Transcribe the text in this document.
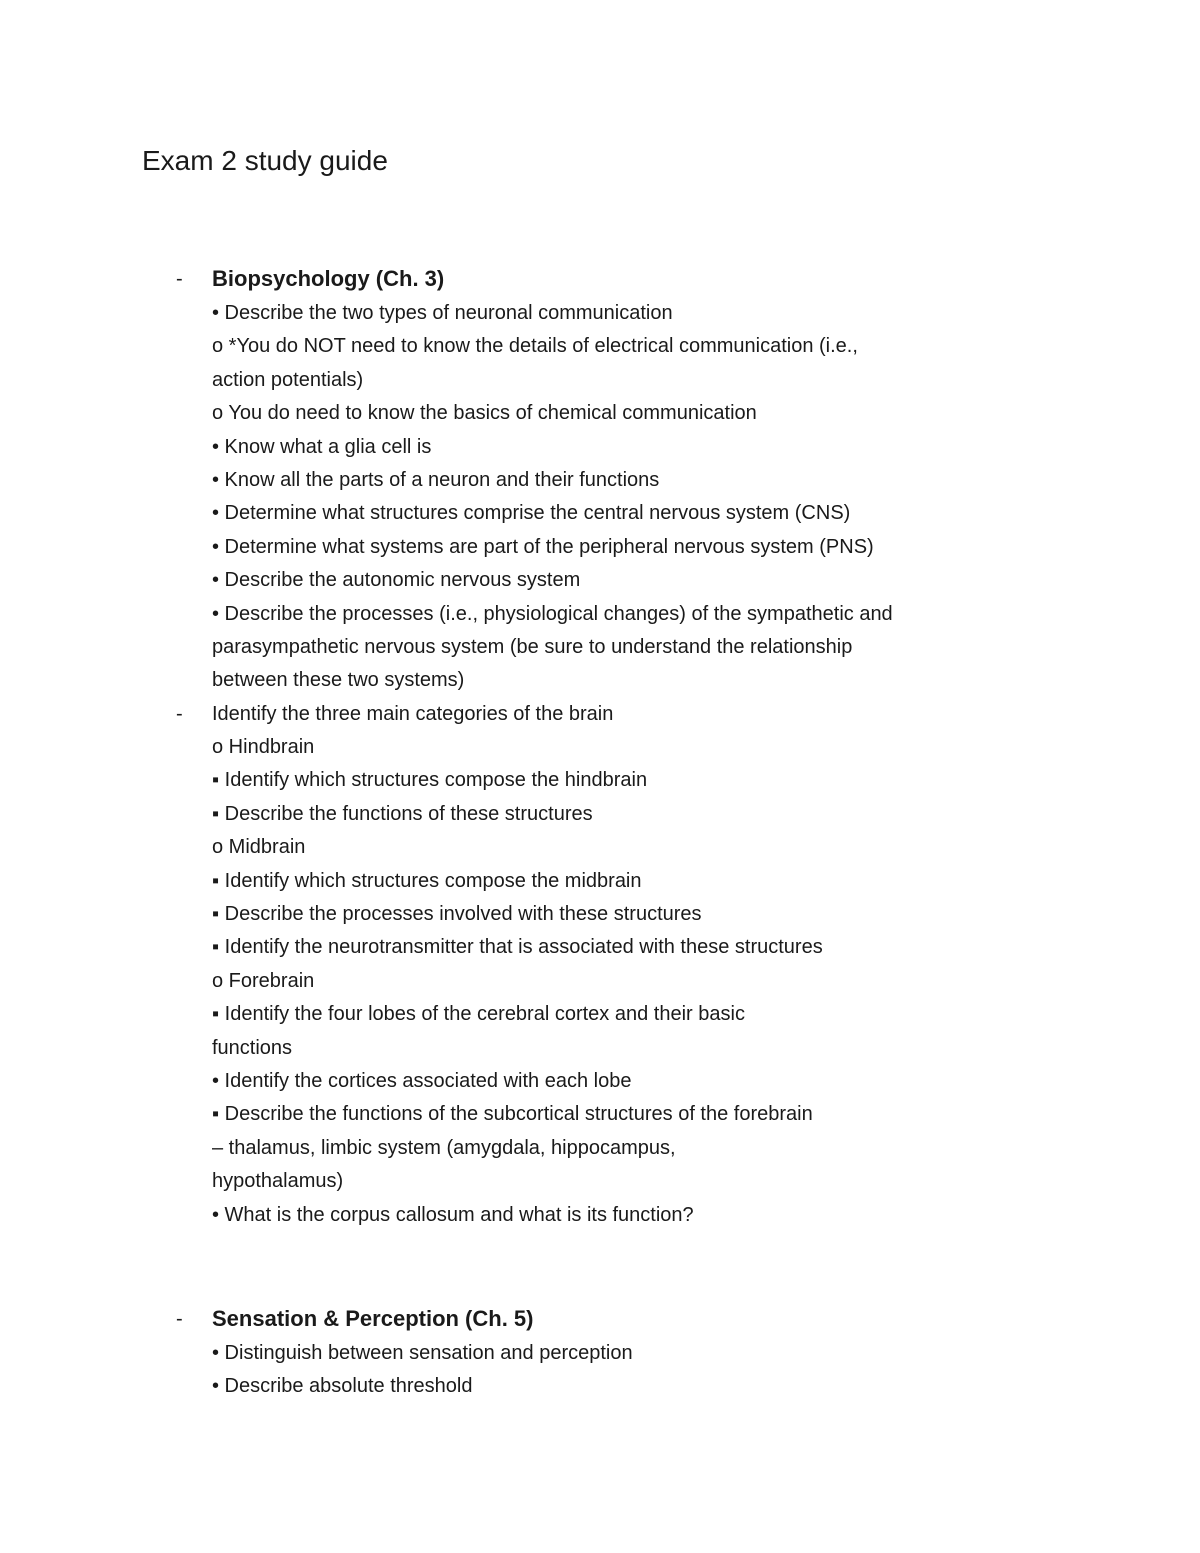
Exam 2 study guide
- Biopsychology (Ch. 3)
• Describe the two types of neuronal communication
o *You do NOT need to know the details of electrical communication (i.e.,
action potentials)
o You do need to know the basics of chemical communication
• Know what a glia cell is
• Know all the parts of a neuron and their functions
• Determine what structures comprise the central nervous system (CNS)
• Determine what systems are part of the peripheral nervous system (PNS)
• Describe the autonomic nervous system
• Describe the processes (i.e., physiological changes) of the sympathetic and
parasympathetic nervous system (be sure to understand the relationship
between these two systems)
- Identify the three main categories of the brain
o Hindbrain
▪ Identify which structures compose the hindbrain
▪ Describe the functions of these structures
o Midbrain
▪ Identify which structures compose the midbrain
▪ Describe the processes involved with these structures
▪ Identify the neurotransmitter that is associated with these structures
o Forebrain
▪ Identify the four lobes of the cerebral cortex and their basic
functions
• Identify the cortices associated with each lobe
▪ Describe the functions of the subcortical structures of the forebrain
– thalamus, limbic system (amygdala, hippocampus,
hypothalamus)
• What is the corpus callosum and what is its function?
- Sensation & Perception (Ch. 5)
• Distinguish between sensation and perception
• Describe absolute threshold
